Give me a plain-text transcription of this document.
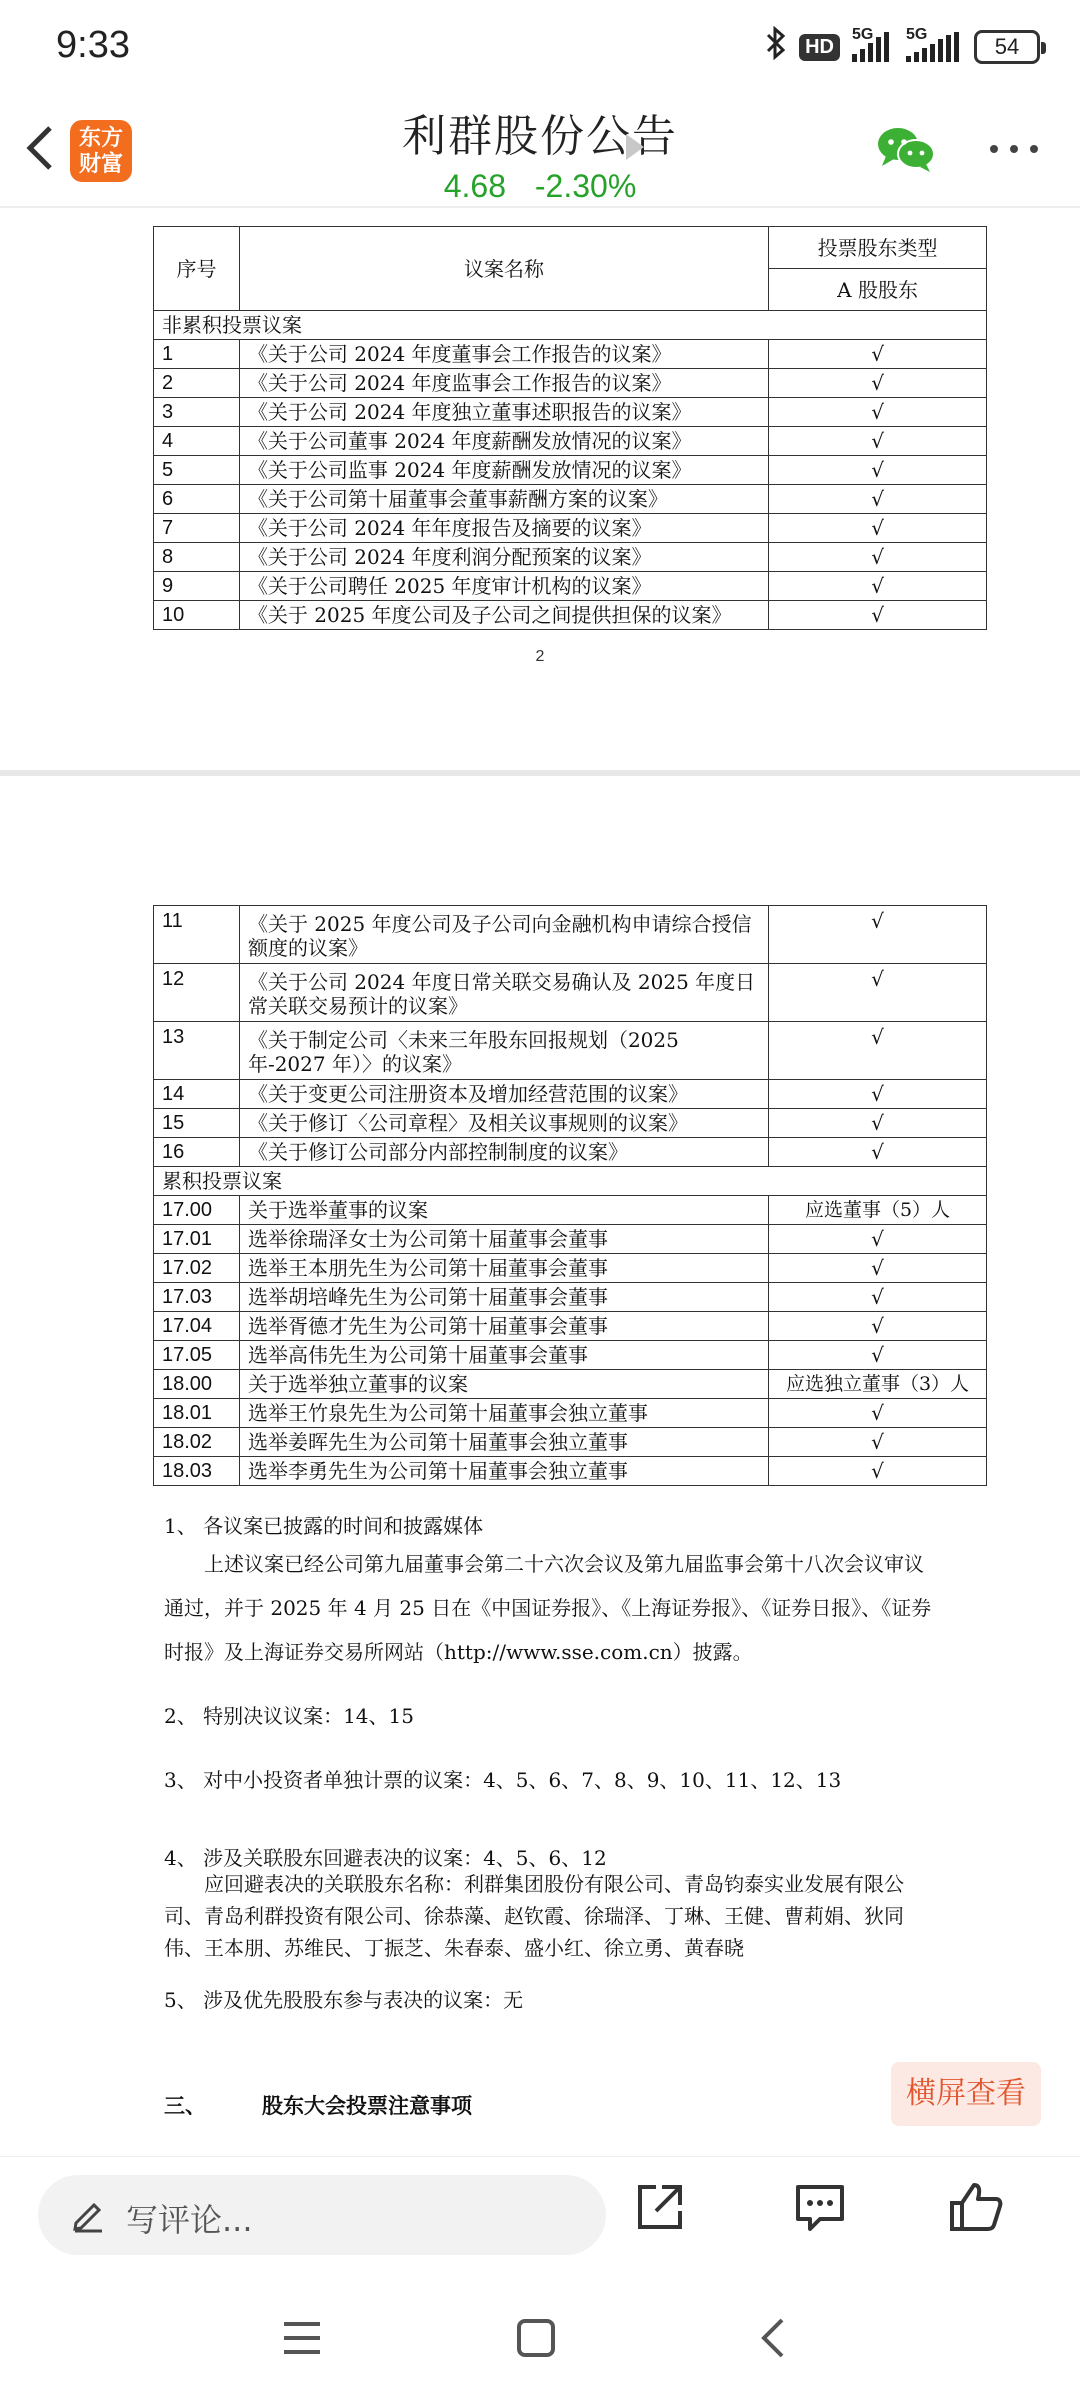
9:33	HD
5G 5G	54
东方财富
利群股份公告
4.68 -2.30%
序号	议案名称	投票股东类型
		A 股股东
非累积投票议案		
1	《关于公司 2024 年度董事会工作报告的议案》	√
2	《关于公司 2024 年度监事会工作报告的议案》	√
3	《关于公司 2024 年度独立董事述职报告的议案》	√
4	《关于公司董事 2024 年度薪酬发放情况的议案》	√
5	《关于公司监事 2024 年度薪酬发放情况的议案》	√
6	《关于公司第十届董事会董事薪酬方案的议案》	√
7	《关于公司 2024 年年度报告及摘要的议案》	√
8	《关于公司 2024 年度利润分配预案的议案》	√
9	《关于公司聘任 2025 年度审计机构的议案》	√
10	《关于 2025 年度公司及子公司之间提供担保的议案》	√
2
11	《关于 2025 年度公司及子公司向金融机构申请综合授信额度的议案》	√
12	《关于公司 2024 年度日常关联交易确认及 2025 年度日常关联交易预计的议案》	√
13	《关于制定公司〈未来三年股东回报规划（2025 年-2027 年）〉的议案》	√
14	《关于变更公司注册资本及增加经营范围的议案》	√
15	《关于修订〈公司章程〉及相关议事规则的议案》	√
16	《关于修订公司部分内部控制制度的议案》	√
累积投票议案		
17.00	关于选举董事的议案	应选董事（5）人
17.01	选举徐瑞泽女士为公司第十届董事会董事	√
17.02	选举王本朋先生为公司第十届董事会董事	√
17.03	选举胡培峰先生为公司第十届董事会董事	√
17.04	选举胥德才先生为公司第十届董事会董事	√
17.05	选举高伟先生为公司第十届董事会董事	√
18.00	关于选举独立董事的议案	应选独立董事（3）人
18.01	选举王竹泉先生为公司第十届董事会独立董事	√
18.02	选举姜晖先生为公司第十届董事会独立董事	√
18.03	选举李勇先生为公司第十届董事会独立董事	√
1、 各议案已披露的时间和披露媒体
上述议案已经公司第九届董事会第二十六次会议及第九届监事会第十八次会议审议通过，并于 2025 年 4 月 25 日在《中国证券报》、《上海证券报》、《证券日报》、《证券时报》及上海证券交易所网站（http://www.sse.com.cn）披露。
2、 特别决议议案：14、15
3、 对中小投资者单独计票的议案：4、5、6、7、8、9、10、11、12、13
4、 涉及关联股东回避表决的议案：4、5、6、12
应回避表决的关联股东名称：利群集团股份有限公司、青岛钧泰实业发展有限公司、青岛利群投资有限公司、徐恭藻、赵钦霞、徐瑞泽、丁琳、王健、曹莉娟、狄同伟、王本朋、苏维民、丁振芝、朱春泰、盛小红、徐立勇、黄春晓
5、 涉及优先股股东参与表决的议案：无
三、	股东大会投票注意事项	横屏查看
写评论...
